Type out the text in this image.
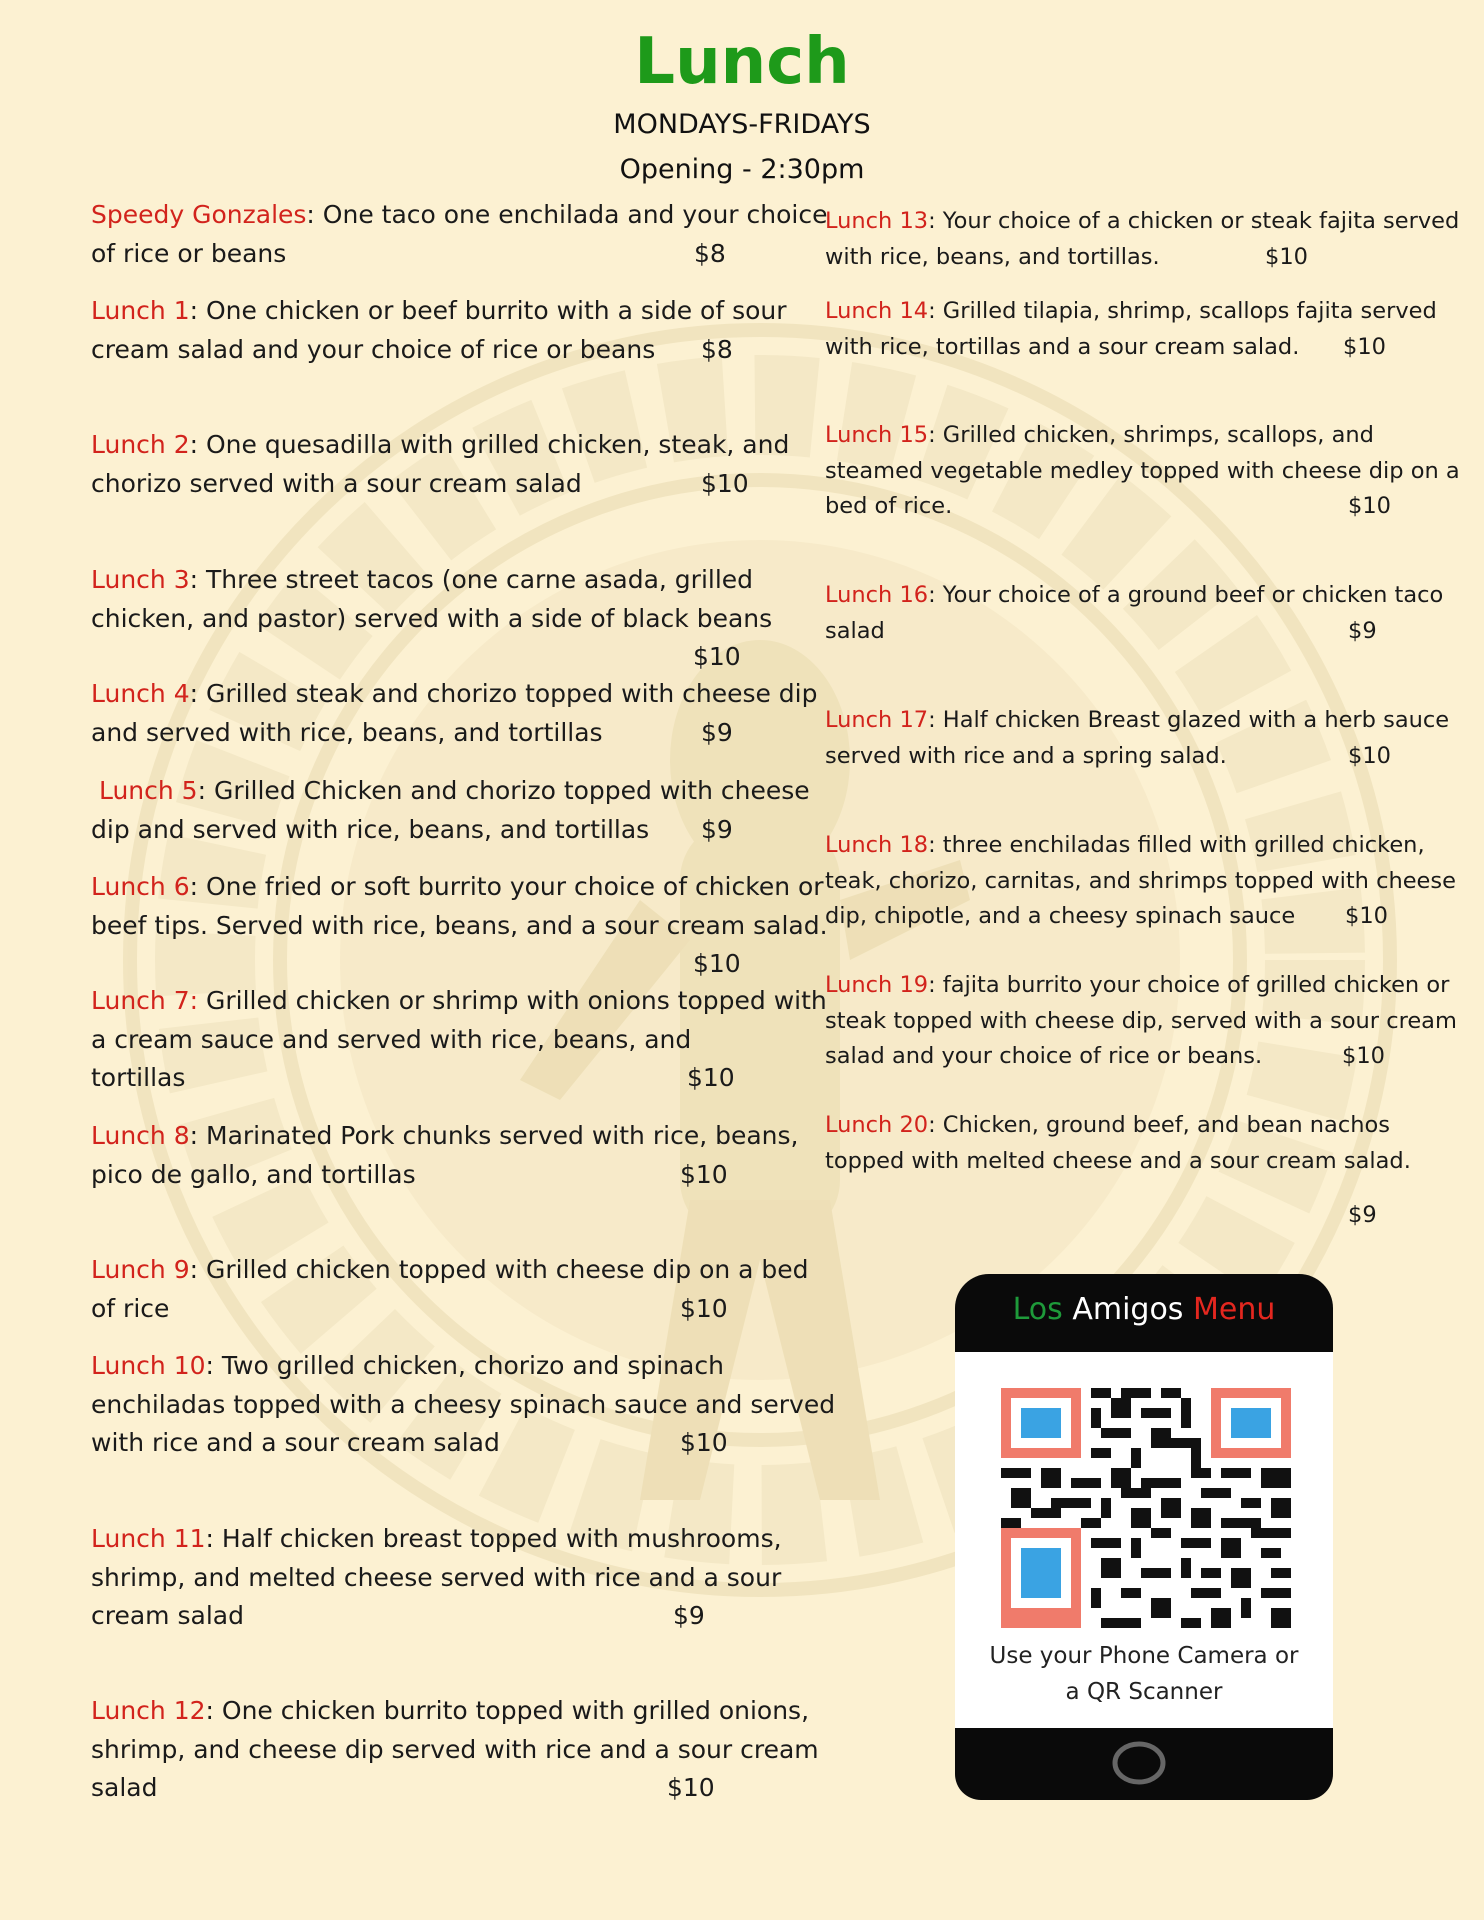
Lunch
MONDAYS-FRIDAYS
Opening - 2:30pm
Speedy Gonzales: One taco one enchilada and your choice
of rice or beans	$8
Lunch 1: One chicken or beef burrito with a side of sour
cream salad and your choice of rice or beans	$8
Lunch 2: One quesadilla with grilled chicken, steak, and
chorizo served with a sour cream salad	$10
Lunch 3: Three street tacos (one carne asada, grilled
chicken, and pastor) served with a side of black beans
$10
Lunch 4: Grilled steak and chorizo topped with cheese dip
and served with rice, beans, and tortillas	$9
Lunch 5: Grilled Chicken and chorizo topped with cheese
dip and served with rice, beans, and tortillas	$9
Lunch 6: One fried or soft burrito your choice of chicken or
beef tips. Served with rice, beans, and a sour cream salad.
$10
Lunch 7: Grilled chicken or shrimp with onions topped with
a cream sauce and served with rice, beans, and
tortillas	$10
Lunch 8: Marinated Pork chunks served with rice, beans,
pico de gallo, and tortillas	$10
Lunch 9: Grilled chicken topped with cheese dip on a bed
of rice	$10
Lunch 10: Two grilled chicken, chorizo and spinach
enchiladas topped with a cheesy spinach sauce and served
with rice and a sour cream salad	$10
Lunch 11: Half chicken breast topped with mushrooms,
shrimp, and melted cheese served with rice and a sour
cream salad	$9
Lunch 12: One chicken burrito topped with grilled onions,
shrimp, and cheese dip served with rice and a sour cream
salad	$10
Lunch 13: Your choice of a chicken or steak fajita served
with rice, beans, and tortillas.	$10
Lunch 14: Grilled tilapia, shrimp, scallops fajita served
with rice, tortillas and a sour cream salad.	$10
Lunch 15: Grilled chicken, shrimps, scallops, and
steamed vegetable medley topped with cheese dip on a
bed of rice.	$10
Lunch 16: Your choice of a ground beef or chicken taco
salad	$9
Lunch 17: Half chicken Breast glazed with a herb sauce
served with rice and a spring salad.	$10
Lunch 18: three enchiladas filled with grilled chicken,
teak, chorizo, carnitas, and shrimps topped with cheese
dip, chipotle, and a cheesy spinach sauce	$10
Lunch 19: fajita burrito your choice of grilled chicken or
steak topped with cheese dip, served with a sour cream
salad and your choice of rice or beans.	$10
Lunch 20: Chicken, ground beef, and bean nachos
topped with melted cheese and a sour cream salad.
$9
Los Amigos Menu
Use your Phone Camera or
a QR Scanner
